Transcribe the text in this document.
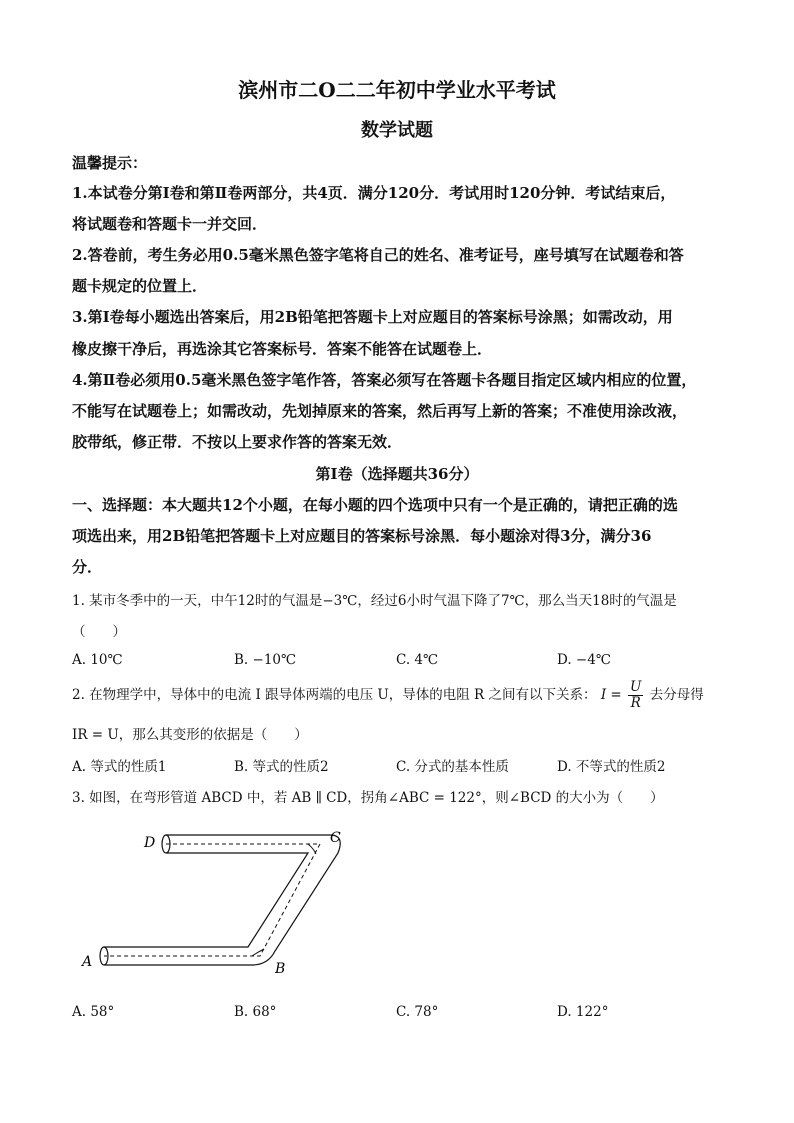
滨州市二O二二年初中学业水平考试
数学试题
温馨提示：
1.本试卷分第Ⅰ卷和第Ⅱ卷两部分，共4页．满分120分．考试用时120分钟．考试结束后，
将试题卷和答题卡一并交回．
2.答卷前，考生务必用0.5毫米黑色签字笔将自己的姓名、准考证号，座号填写在试题卷和答
题卡规定的位置上．
3.第Ⅰ卷每小题选出答案后，用2B铅笔把答题卡上对应题目的答案标号涂黑；如需改动，用
橡皮擦干净后，再选涂其它答案标号．答案不能答在试题卷上．
4.第Ⅱ卷必须用0.5毫米黑色签字笔作答，答案必须写在答题卡各题目指定区域内相应的位置，
不能写在试题卷上；如需改动，先划掉原来的答案，然后再写上新的答案；不准使用涂改液，
胶带纸，修正带．不按以上要求作答的答案无效．
第Ⅰ卷（选择题共36分）
一、选择题：本大题共12个小题，在每小题的四个选项中只有一个是正确的，请把正确的选
项选出来，用2B铅笔把答题卡上对应题目的答案标号涂黑．每小题涂对得3分，满分36
分．
1. 某市冬季中的一天，中午12时的气温是−3℃，经过6小时气温下降了7℃，那么当天18时的气温是
（　　）
A. 10℃	B. −10℃	C. 4℃	D. −4℃
2. 在物理学中，导体中的电流 I 跟导体两端的电压 U，导体的电阻 R 之间有以下关系： $I = \frac{U}{R}$ 去分母得
IR = U，那么其变形的依据是（　　）
A. 等式的性质1	B. 等式的性质2	C. 分式的基本性质	D. 不等式的性质2
3. 如图，在弯形管道 ABCD 中，若 AB ∥ CD，拐角∠ABC = 122°，则∠BCD 的大小为（　　）
D	C
A	B
A. 58°	B. 68°	C. 78°	D. 122°
